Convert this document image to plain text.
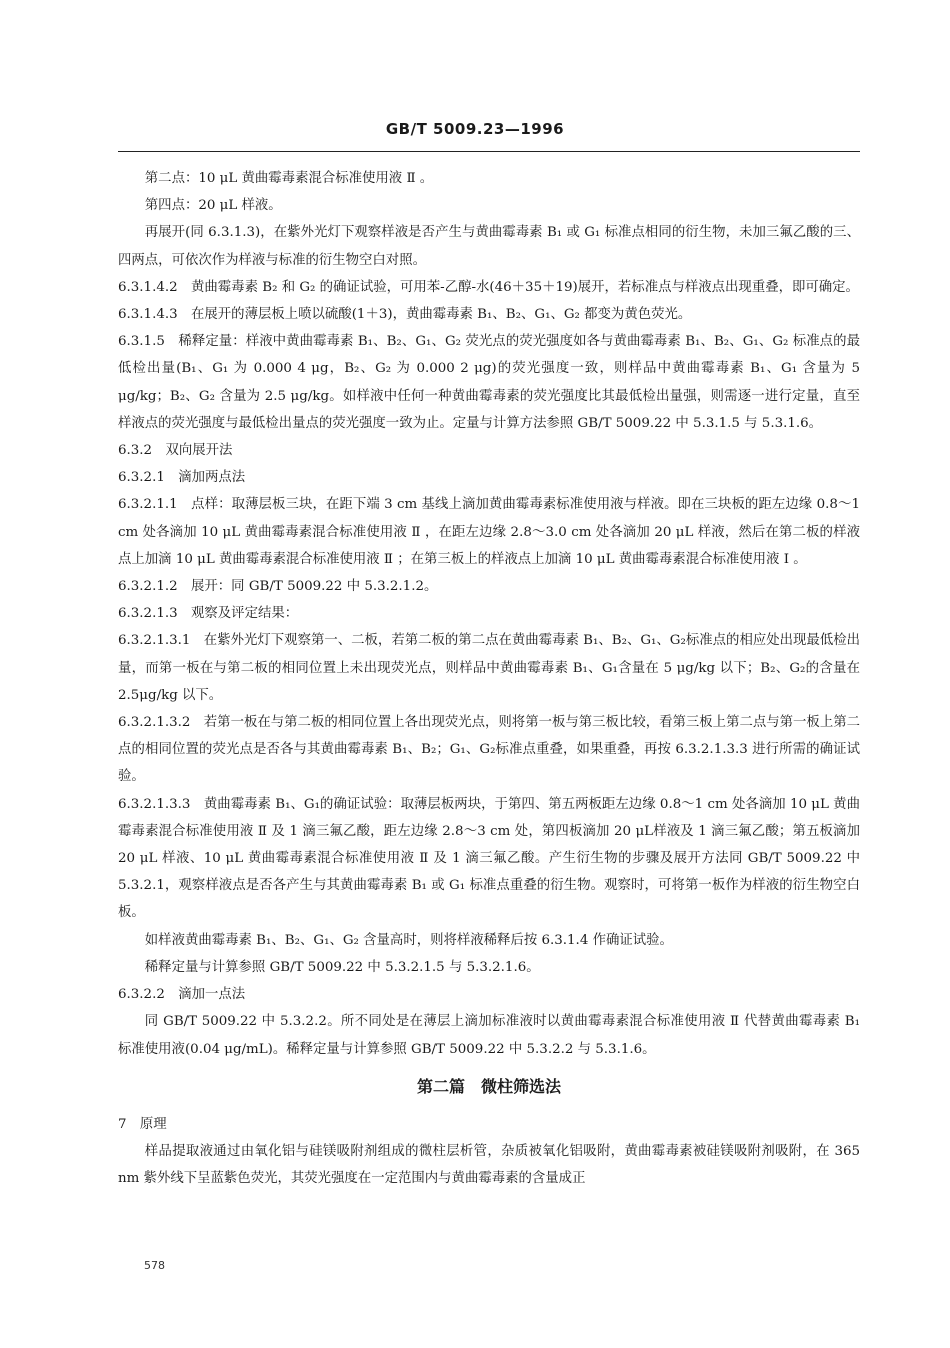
GB/T 5009.23—1996

第二点：10 μL 黄曲霉毒素混合标准使用液 Ⅱ 。

第四点：20 μL 样液。

再展开(同 6.3.1.3)，在紫外光灯下观察样液是否产生与黄曲霉毒素 B₁ 或 G₁ 标准点相同的衍生物，未加三氟乙酸的三、四两点，可依次作为样液与标准的衍生物空白对照。

6.3.1.4.2　黄曲霉毒素 B₂ 和 G₂ 的确证试验，可用苯-乙醇-水(46＋35＋19)展开，若标准点与样液点出现重叠，即可确定。

6.3.1.4.3　在展开的薄层板上喷以硫酸(1＋3)，黄曲霉毒素 B₁、B₂、G₁、G₂ 都变为黄色荧光。

6.3.1.5　稀释定量：样液中黄曲霉毒素 B₁、B₂、G₁、G₂ 荧光点的荧光强度如各与黄曲霉毒素 B₁、B₂、G₁、G₂ 标准点的最低检出量(B₁、G₁ 为 0.000 4 μg，B₂、G₂ 为 0.000 2 μg)的荧光强度一致，则样品中黄曲霉毒素 B₁、G₁ 含量为 5 μg/kg；B₂、G₂ 含量为 2.5 μg/kg。如样液中任何一种黄曲霉毒素的荧光强度比其最低检出量强，则需逐一进行定量，直至样液点的荧光强度与最低检出量点的荧光强度一致为止。定量与计算方法参照 GB/T 5009.22 中 5.3.1.5 与 5.3.1.6。

6.3.2　双向展开法

6.3.2.1　滴加两点法

6.3.2.1.1　点样：取薄层板三块，在距下端 3 cm 基线上滴加黄曲霉毒素标准使用液与样液。即在三块板的距左边缘 0.8～1 cm 处各滴加 10 μL 黄曲霉毒素混合标准使用液 Ⅱ ，在距左边缘 2.8～3.0 cm 处各滴加 20 μL 样液，然后在第二板的样液点上加滴 10 μL 黄曲霉毒素混合标准使用液 Ⅱ ；在第三板上的样液点上加滴 10 μL 黄曲霉毒素混合标准使用液 Ⅰ 。

6.3.2.1.2　展开：同 GB/T 5009.22 中 5.3.2.1.2。

6.3.2.1.3　观察及评定结果：

6.3.2.1.3.1　在紫外光灯下观察第一、二板，若第二板的第二点在黄曲霉毒素 B₁、B₂、G₁、G₂标准点的相应处出现最低检出量，而第一板在与第二板的相同位置上未出现荧光点，则样品中黄曲霉毒素 B₁、G₁含量在 5 μg/kg 以下；B₂、G₂的含量在 2.5μg/kg 以下。

6.3.2.1.3.2　若第一板在与第二板的相同位置上各出现荧光点，则将第一板与第三板比较，看第三板上第二点与第一板上第二点的相同位置的荧光点是否各与其黄曲霉毒素 B₁、B₂；G₁、G₂标准点重叠，如果重叠，再按 6.3.2.1.3.3 进行所需的确证试验。

6.3.2.1.3.3　黄曲霉毒素 B₁、G₁的确证试验：取薄层板两块，于第四、第五两板距左边缘 0.8～1 cm 处各滴加 10 μL 黄曲霉毒素混合标准使用液 Ⅱ 及 1 滴三氟乙酸，距左边缘 2.8～3 cm 处，第四板滴加 20 μL样液及 1 滴三氟乙酸；第五板滴加 20 μL 样液、10 μL 黄曲霉毒素混合标准使用液 Ⅱ 及 1 滴三氟乙酸。产生衍生物的步骤及展开方法同 GB/T 5009.22 中 5.3.2.1，观察样液点是否各产生与其黄曲霉毒素 B₁ 或 G₁ 标准点重叠的衍生物。观察时，可将第一板作为样液的衍生物空白板。

如样液黄曲霉毒素 B₁、B₂、G₁、G₂ 含量高时，则将样液稀释后按 6.3.1.4 作确证试验。

稀释定量与计算参照 GB/T 5009.22 中 5.3.2.1.5 与 5.3.2.1.6。

6.3.2.2　滴加一点法

同 GB/T 5009.22 中 5.3.2.2。所不同处是在薄层上滴加标准液时以黄曲霉毒素混合标准使用液 Ⅱ 代替黄曲霉毒素 B₁ 标准使用液(0.04 μg/mL)。稀释定量与计算参照 GB/T 5009.22 中 5.3.2.2 与 5.3.1.6。

第二篇　微柱筛选法

7　原理

样品提取液通过由氧化铝与硅镁吸附剂组成的微柱层析管，杂质被氧化铝吸附，黄曲霉毒素被硅镁吸附剂吸附，在 365 nm 紫外线下呈蓝紫色荧光，其荧光强度在一定范围内与黄曲霉毒素的含量成正

578
